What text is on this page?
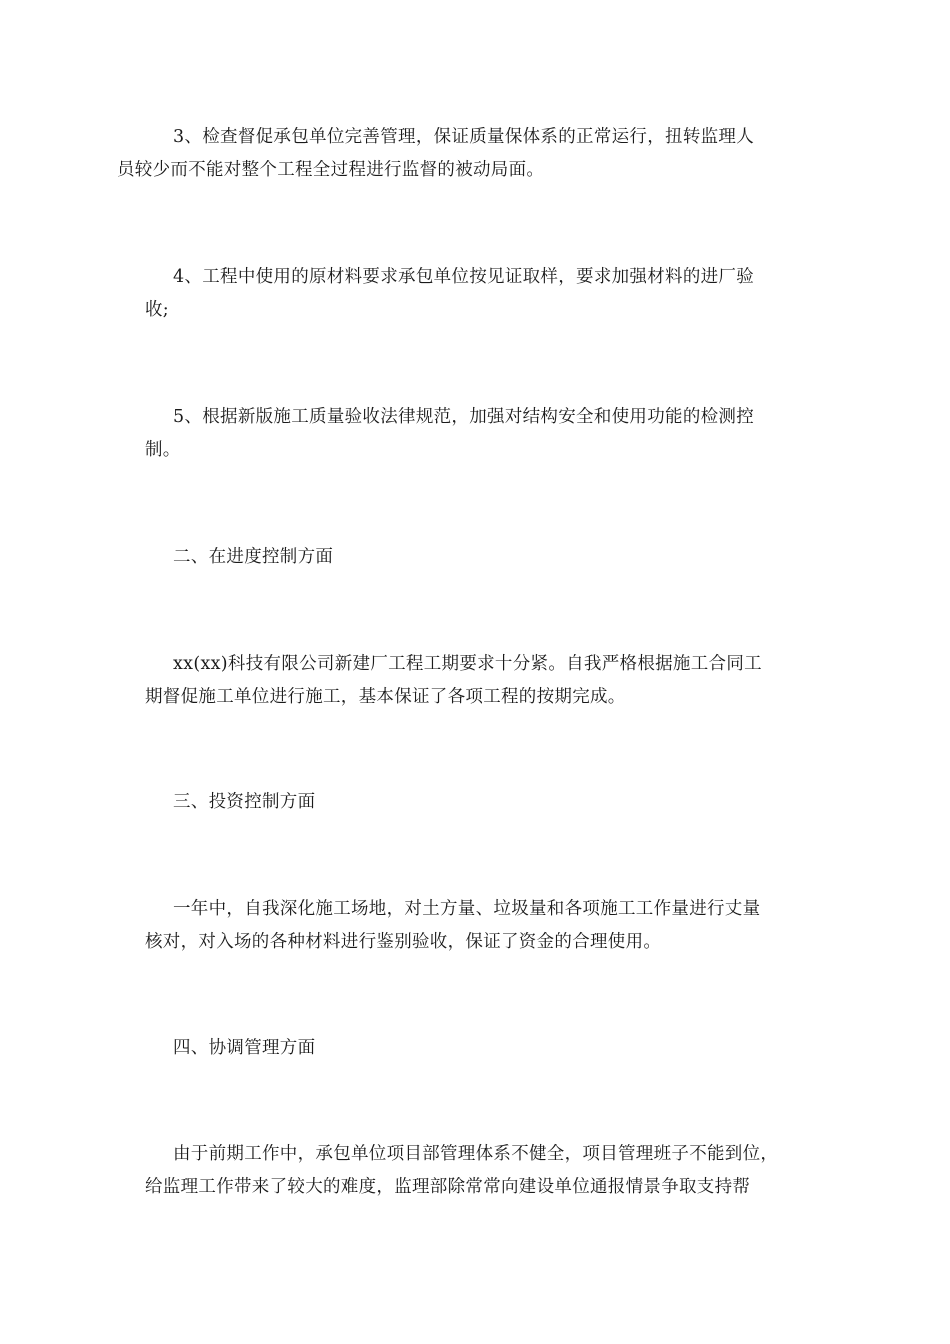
3、检查督促承包单位完善管理，保证质量保体系的正常运行，扭转监理人
员较少而不能对整个工程全过程进行监督的被动局面。

4、工程中使用的原材料要求承包单位按见证取样，要求加强材料的进厂验
收;

5、根据新版施工质量验收法律规范，加强对结构安全和使用功能的检测控
制。

二、在进度控制方面

xx(xx)科技有限公司新建厂工程工期要求十分紧。自我严格根据施工合同工
期督促施工单位进行施工，基本保证了各项工程的按期完成。

三、投资控制方面

一年中，自我深化施工场地，对土方量、垃圾量和各项施工工作量进行丈量
核对，对入场的各种材料进行鉴别验收，保证了资金的合理使用。

四、协调管理方面

由于前期工作中，承包单位项目部管理体系不健全，项目管理班子不能到位，
给监理工作带来了较大的难度，监理部除常常向建设单位通报情景争取支持帮
